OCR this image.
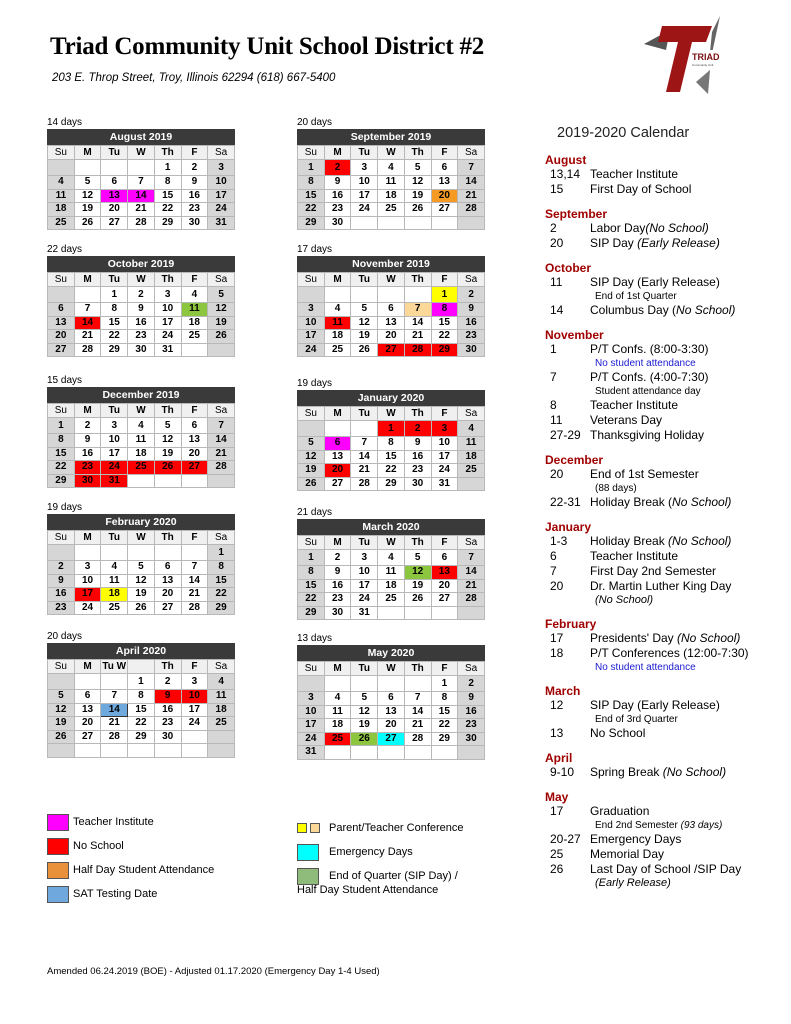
Triad Community Unit School District #2
203 E. Throp Street, Troy, Illinois 62294 (618) 667-5400
TRIAD
Community Unit
14 days
August 2019
Su	M	Tu	W	Th	F	Sa
				1	2	3
4	5	6	7	8	9	10
11	12	13	14	15	16	17
18	19	20	21	22	23	24
25	26	27	28	29	30	31
20 days
September 2019
Su	M	Tu	W	Th	F	Sa
1	2	3	4	5	6	7
8	9	10	11	12	13	14
15	16	17	18	19	20	21
22	23	24	25	26	27	28
29	30					
22 days
October 2019
Su	M	Tu	W	Th	F	Sa
		1	2	3	4	5
6	7	8	9	10	11	12
13	14	15	16	17	18	19
20	21	22	23	24	25	26
27	28	29	30	31		
17 days
November 2019
Su	M	Tu	W	Th	F	Sa
					1	2
3	4	5	6	7	8	9
10	11	12	13	14	15	16
17	18	19	20	21	22	23
24	25	26	27	28	29	30
15 days
December 2019
Su	M	Tu	W	Th	F	Sa
1	2	3	4	5	6	7
8	9	10	11	12	13	14
15	16	17	18	19	20	21
22	23	24	25	26	27	28
29	30	31				
19 days
January 2020
Su	M	Tu	W	Th	F	Sa
			1	2	3	4
5	6	7	8	9	10	11
12	13	14	15	16	17	18
19	20	21	22	23	24	25
26	27	28	29	30	31	
19 days
February 2020
Su	M	Tu	W	Th	F	Sa
						1
2	3	4	5	6	7	8
9	10	11	12	13	14	15
16	17	18	19	20	21	22
23	24	25	26	27	28	29
21 days
March 2020
Su	M	Tu	W	Th	F	Sa
1	2	3	4	5	6	7
8	9	10	11	12	13	14
15	16	17	18	19	20	21
22	23	24	25	26	27	28
29	30	31				
20 days
April 2020
Su	M	Tu W		Th	F	Sa
			1	2	3	4
5	6	7	8	9	10	11
12	13	14	15	16	17	18
19	20	21	22	23	24	25
26	27	28	29	30		

13 days
May 2020
Su	M	Tu	W	Th	F	Sa
					1	2
3	4	5	6	7	8	9
10	11	12	13	14	15	16
17	18	19	20	21	22	23
24	25	26	27	28	29	30
31						
2019-2020 Calendar
August
13,14 Teacher Institute
15	First Day of School
September
2	Labor Day(No School)
20	SIP Day (Early Release)
October
11	SIP Day (Early Release)
End of 1st Quarter
14	Columbus Day (No School)
November
1	P/T Confs. (8:00-3:30)
No student attendance
7	P/T Confs. (4:00-7:30)
Student attendance day
8	Teacher Institute
11	Veterans Day
27-29 Thanksgiving Holiday
December
20	End of 1st Semester
(88 days)
22-31 Holiday Break (No School)
January
1-3	Holiday Break (No School)
6	Teacher Institute
7	First Day 2nd Semester
20	Dr. Martin Luther King Day
(No School)
February
17	Presidents' Day (No School)
18	P/T Conferences (12:00-7:30)
No student attendance
March
12	SIP Day (Early Release)
End of 3rd Quarter
13	No School
April
9-10	Spring Break (No School)
May
17	Graduation
End 2nd Semester (93 days)
20-27 Emergency Days
25	Memorial Day
26	Last Day of School /SIP Day
(Early Release)
Teacher Institute
No School
Half Day Student Attendance
SAT Testing Date
Parent/Teacher Conference
Emergency Days
End of Quarter (SIP Day) /
Half Day Student Attendance
Amended 06.24.2019 (BOE) - Adjusted 01.17.2020 (Emergency Day 1-4 Used)
